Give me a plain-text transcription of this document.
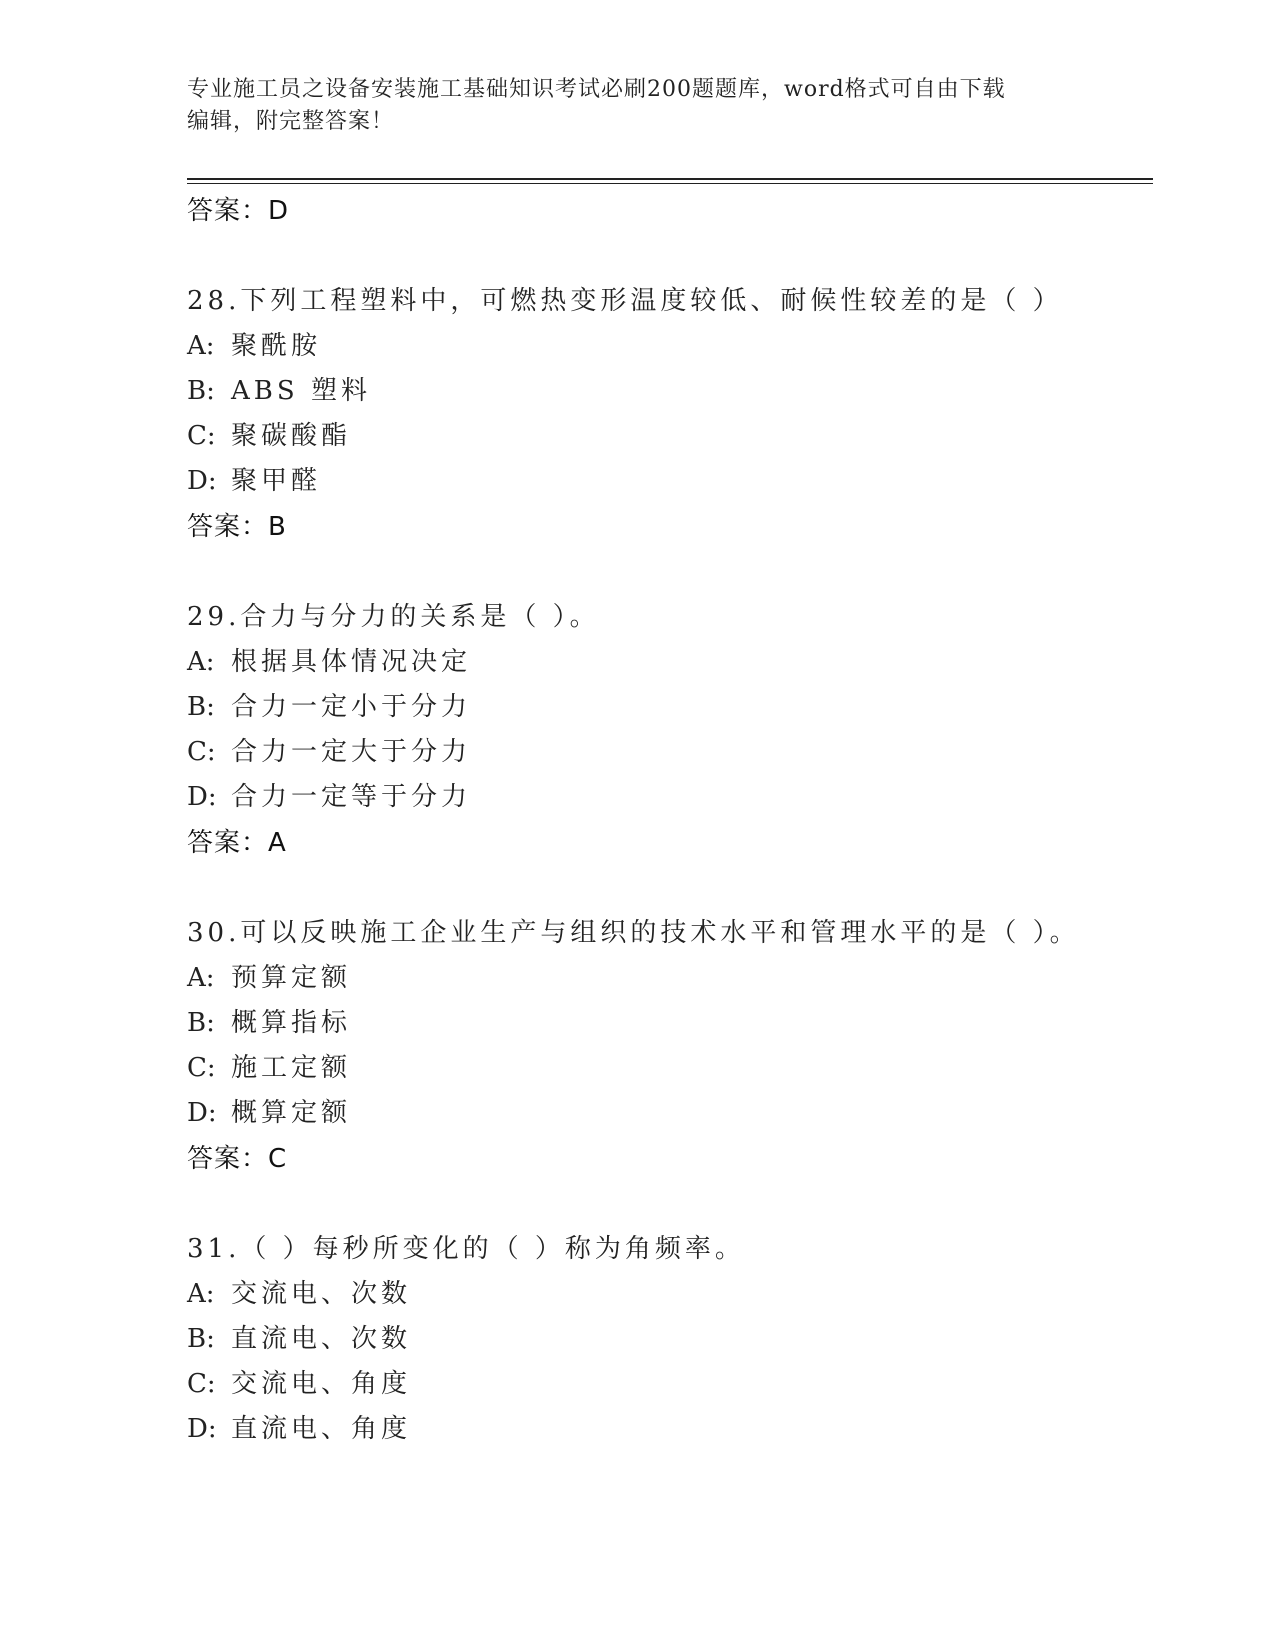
专业施工员之设备安装施工基础知识考试必刷200题题库，word格式可自由下载
编辑，附完整答案！
答案：D
28.下列工程塑料中，可燃热变形温度较低、耐候性较差的是（ ）
A: 聚酰胺
B: ABS 塑料
C: 聚碳酸酯
D: 聚甲醛
答案：B
29.合力与分力的关系是（ ）。
A: 根据具体情况决定
B: 合力一定小于分力
C: 合力一定大于分力
D: 合力一定等于分力
答案：A
30.可以反映施工企业生产与组织的技术水平和管理水平的是（ ）。
A: 预算定额
B: 概算指标
C: 施工定额
D: 概算定额
答案：C
31.（ ）每秒所变化的（ ）称为角频率。
A: 交流电、次数
B: 直流电、次数
C: 交流电、角度
D: 直流电、角度
